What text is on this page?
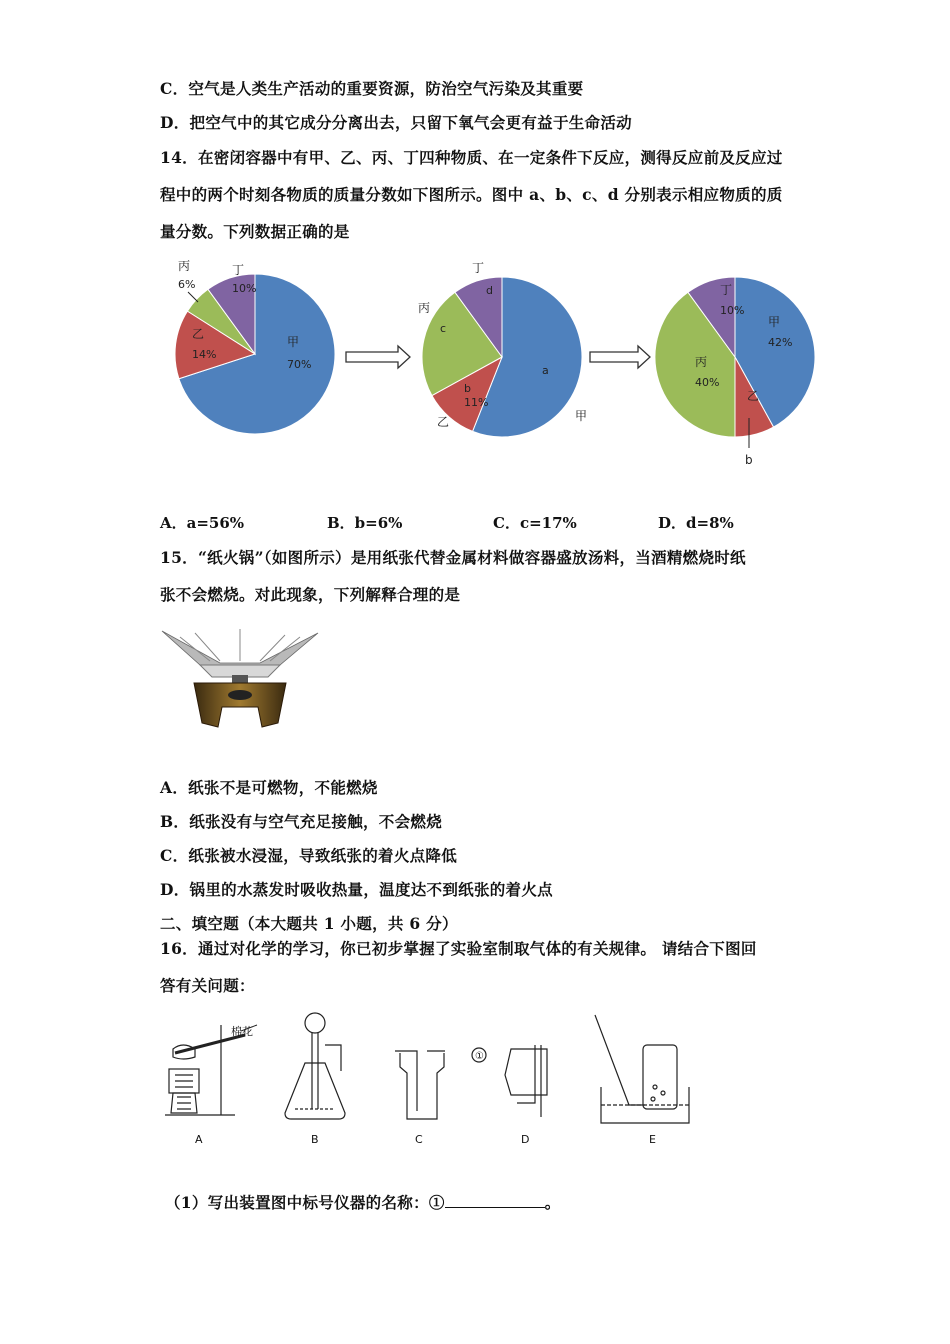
C．空气是人类生产活动的重要资源，防治空气污染及其重要
D．把空气中的其它成分分离出去，只留下氧气会更有益于生命活动
14．在密闭容器中有甲、乙、丙、丁四种物质、在一定条件下反应，测得反应前及反应过
程中的两个时刻各物质的质量分数如下图所示。图中 a、b、c、d 分别表示相应物质的质
量分数。下列数据正确的是
甲
70%
乙
14%
丙
6%
丁
10%
甲
a
乙
b
11%
丙
c
丁
d
甲
42%
乙
丙
40%
丁
10%
b
A．a=56%	B．b=6%	C．c=17%	D．d=8%
15．“纸火锅”（如图所示）是用纸张代替金属材料做容器盛放汤料，当酒精燃烧时纸
张不会燃烧。对此现象，下列解释合理的是
A．纸张不是可燃物，不能燃烧
B．纸张没有与空气充足接触，不会燃烧
C．纸张被水浸湿，导致纸张的着火点降低
D．锅里的水蒸发时吸收热量，温度达不到纸张的着火点
二、填空题（本大题共 1 小题，共 6 分）
16．通过对化学的学习，你已初步掌握了实验室制取气体的有关规律。 请结合下图回
答有关问题：
棉花
①
A	B	C	D	E
（1）写出装置图中标号仪器的名称：①	。
